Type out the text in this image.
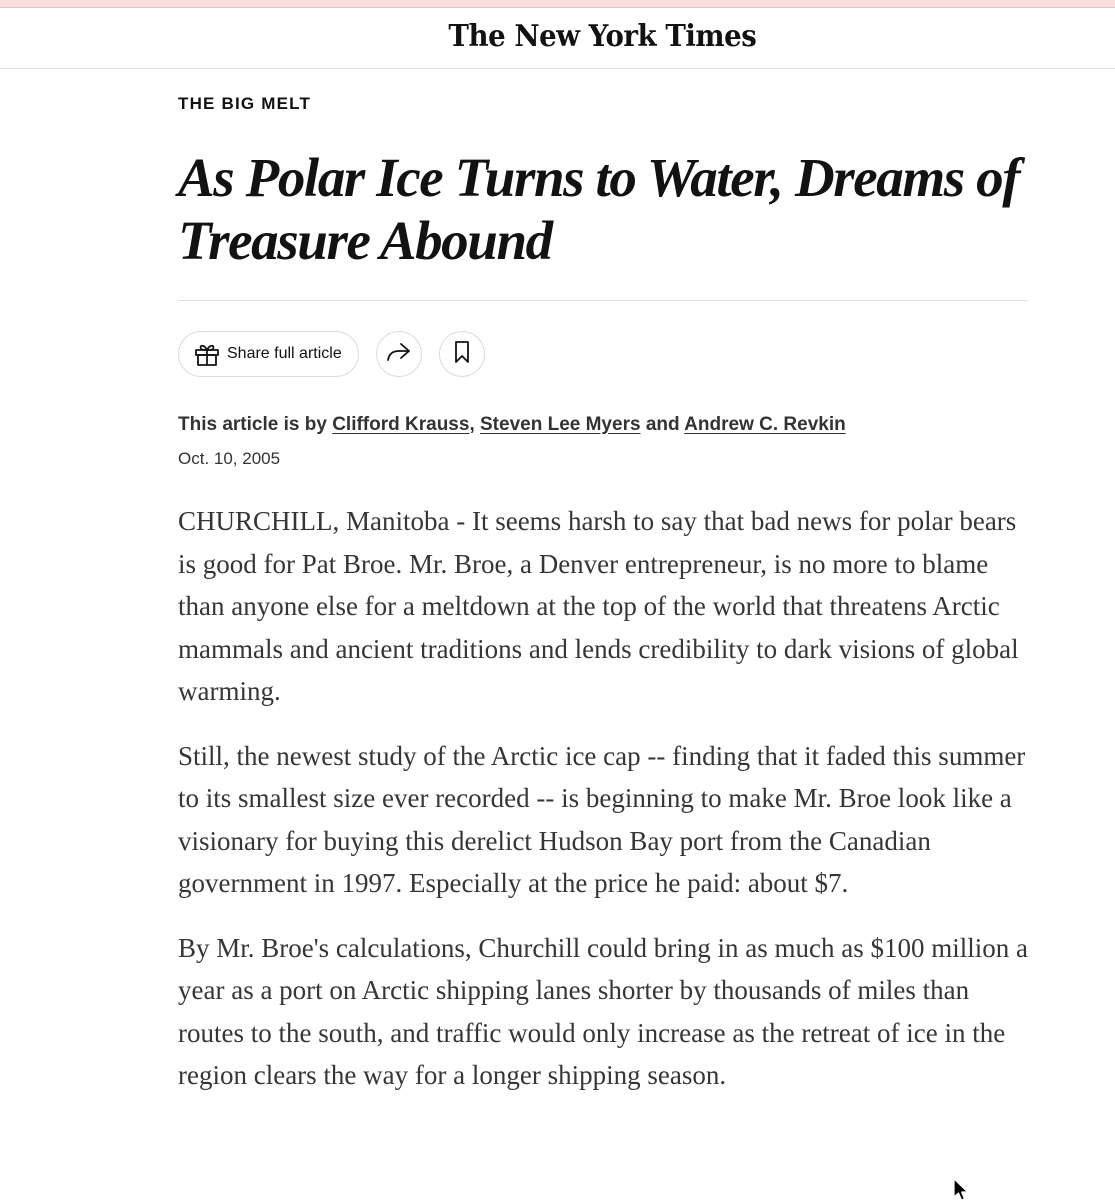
The New York Times
THE BIG MELT
As Polar Ice Turns to Water, Dreams of Treasure Abound
Share full article
This article is by Clifford Krauss, Steven Lee Myers and Andrew C. Revkin
Oct. 10, 2005

CHURCHILL, Manitoba - It seems harsh to say that bad news for polar bears is good for Pat Broe. Mr. Broe, a Denver entrepreneur, is no more to blame than anyone else for a meltdown at the top of the world that threatens Arctic mammals and ancient traditions and lends credibility to dark visions of global warming.

Still, the newest study of the Arctic ice cap -- finding that it faded this summer to its smallest size ever recorded -- is beginning to make Mr. Broe look like a visionary for buying this derelict Hudson Bay port from the Canadian government in 1997. Especially at the price he paid: about $7.

By Mr. Broe's calculations, Churchill could bring in as much as $100 million a year as a port on Arctic shipping lanes shorter by thousands of miles than routes to the south, and traffic would only increase as the retreat of ice in the region clears the way for a longer shipping season.
